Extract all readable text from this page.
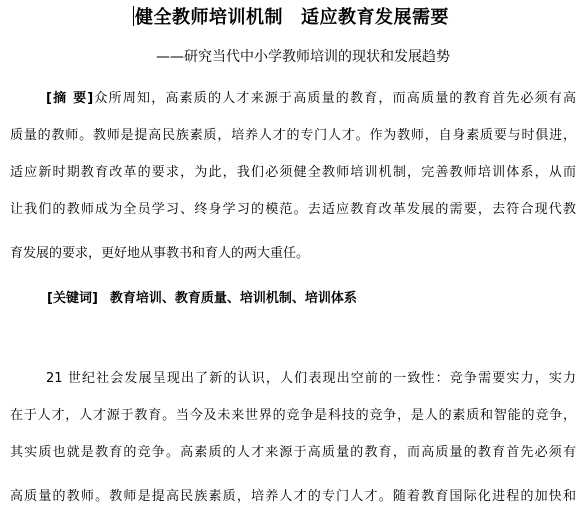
健全教师培训机制 适应教育发展需要
——研究当代中小学教师培训的现状和发展趋势
[摘 要]众所周知，高素质的人才来源于高质量的教育，而高质量的教育首先必须有高
质量的教师。教师是提高民族素质，培养人才的专门人才。作为教师，自身素质要与时俱进，
适应新时期教育改革的要求，为此，我们必须健全教师培训机制，完善教师培训体系，从而
让我们的教师成为全员学习、终身学习的模范。去适应教育改革发展的需要，去符合现代教
育发展的要求，更好地从事教书和育人的两大重任。
[关键词] 教育培训、教育质量、培训机制、培训体系
21 世纪社会发展呈现出了新的认识，人们表现出空前的一致性：竞争需要实力，实力
在于人才，人才源于教育。当今及未来世界的竞争是科技的竞争，是人的素质和智能的竞争，
其实质也就是教育的竞争。高素质的人才来源于高质量的教育，而高质量的教育首先必须有
高质量的教师。教师是提高民族素质，培养人才的专门人才。随着教育国际化进程的加快和
